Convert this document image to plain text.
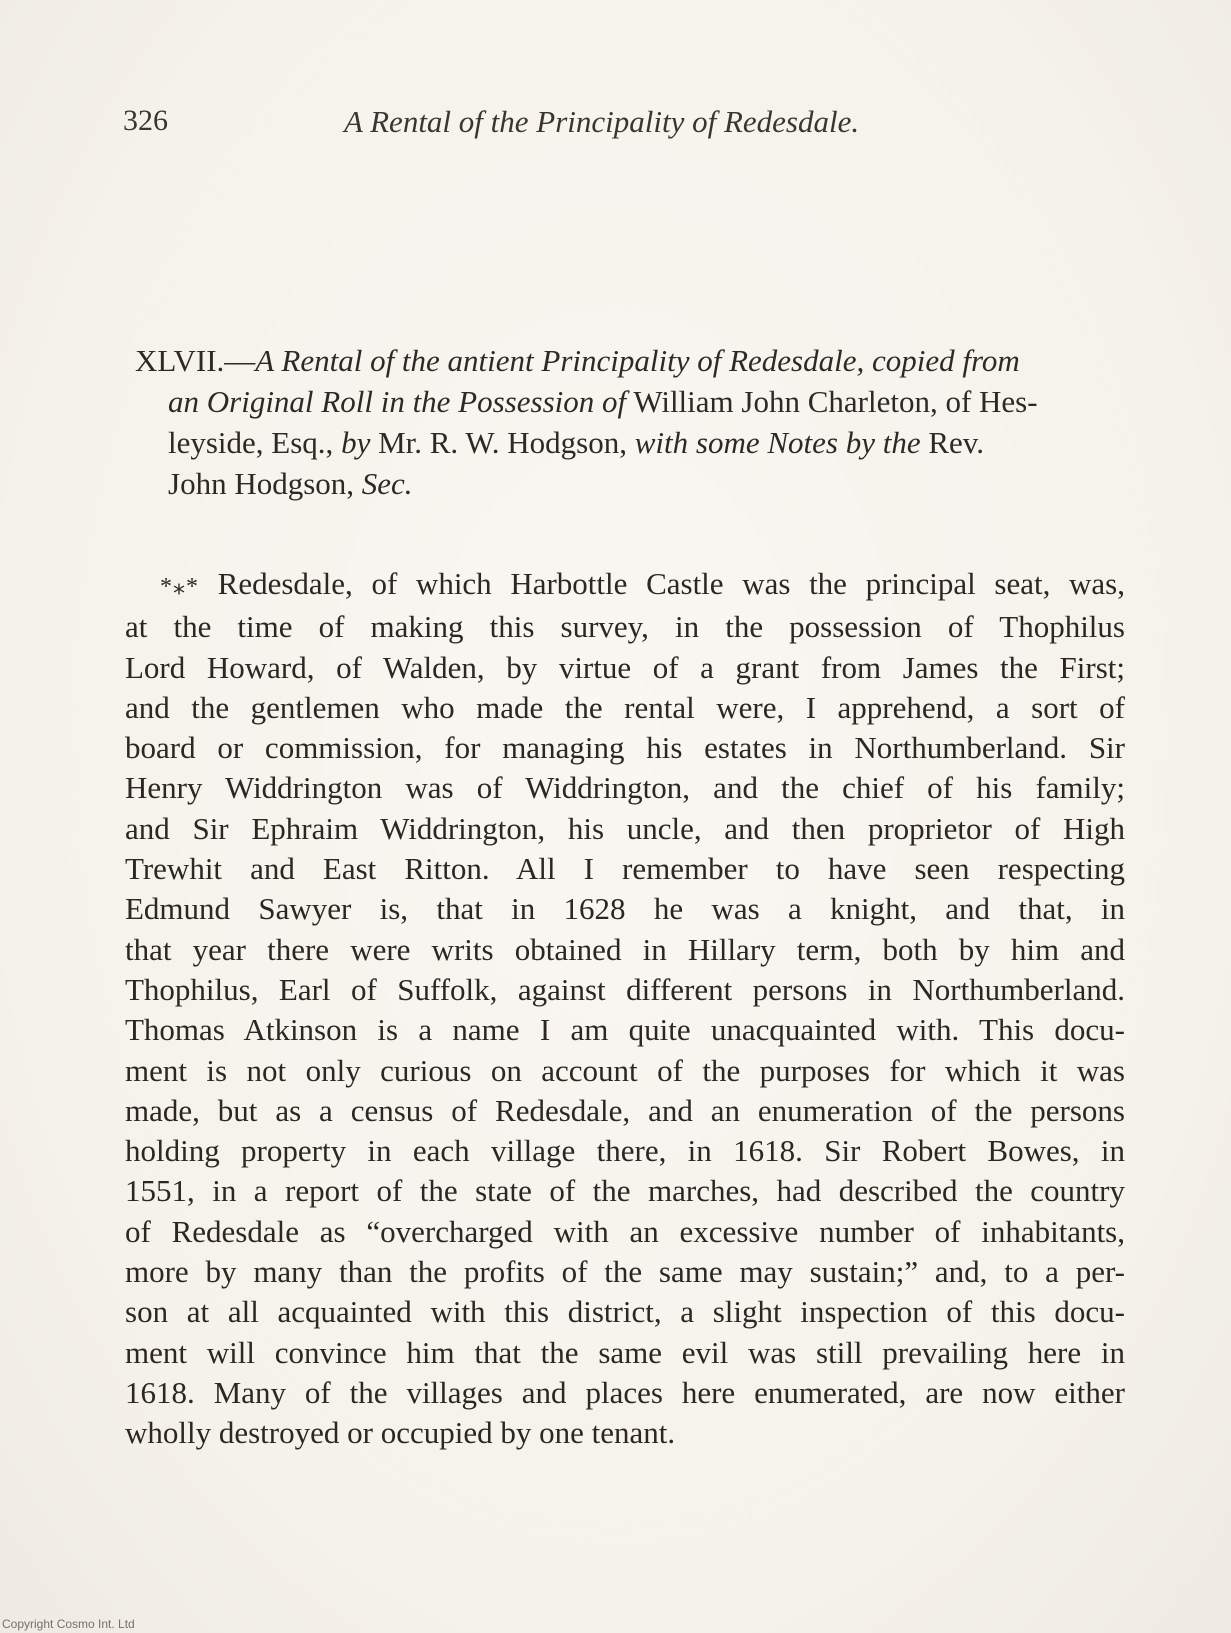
326	A Rental of the Principality of Redesdale.
XLVII.—A Rental of the antient Principality of Redesdale, copied from
an Original Roll in the Possession of William John Charleton, of Hes-
leyside, Esq., by Mr. R. W. Hodgson, with some Notes by the Rev.
John Hodgson, Sec.
*⁎* Redesdale, of which Harbottle Castle was the principal seat, was,
at the time of making this survey, in the possession of Thophilus
Lord Howard, of Walden, by virtue of a grant from James the First;
and the gentlemen who made the rental were, I apprehend, a sort of
board or commission, for managing his estates in Northumberland. Sir
Henry Widdrington was of Widdrington, and the chief of his family;
and Sir Ephraim Widdrington, his uncle, and then proprietor of High
Trewhit and East Ritton. All I remember to have seen respecting
Edmund Sawyer is, that in 1628 he was a knight, and that, in
that year there were writs obtained in Hillary term, both by him and
Thophilus, Earl of Suffolk, against different persons in Northumberland.
Thomas Atkinson is a name I am quite unacquainted with. This docu-
ment is not only curious on account of the purposes for which it was
made, but as a census of Redesdale, and an enumeration of the persons
holding property in each village there, in 1618. Sir Robert Bowes, in
1551, in a report of the state of the marches, had described the country
of Redesdale as “overcharged with an excessive number of inhabitants,
more by many than the profits of the same may sustain;” and, to a per-
son at all acquainted with this district, a slight inspection of this docu-
ment will convince him that the same evil was still prevailing here in
1618. Many of the villages and places here enumerated, are now either
wholly destroyed or occupied by one tenant.
Copyright Cosmo Int. Ltd
